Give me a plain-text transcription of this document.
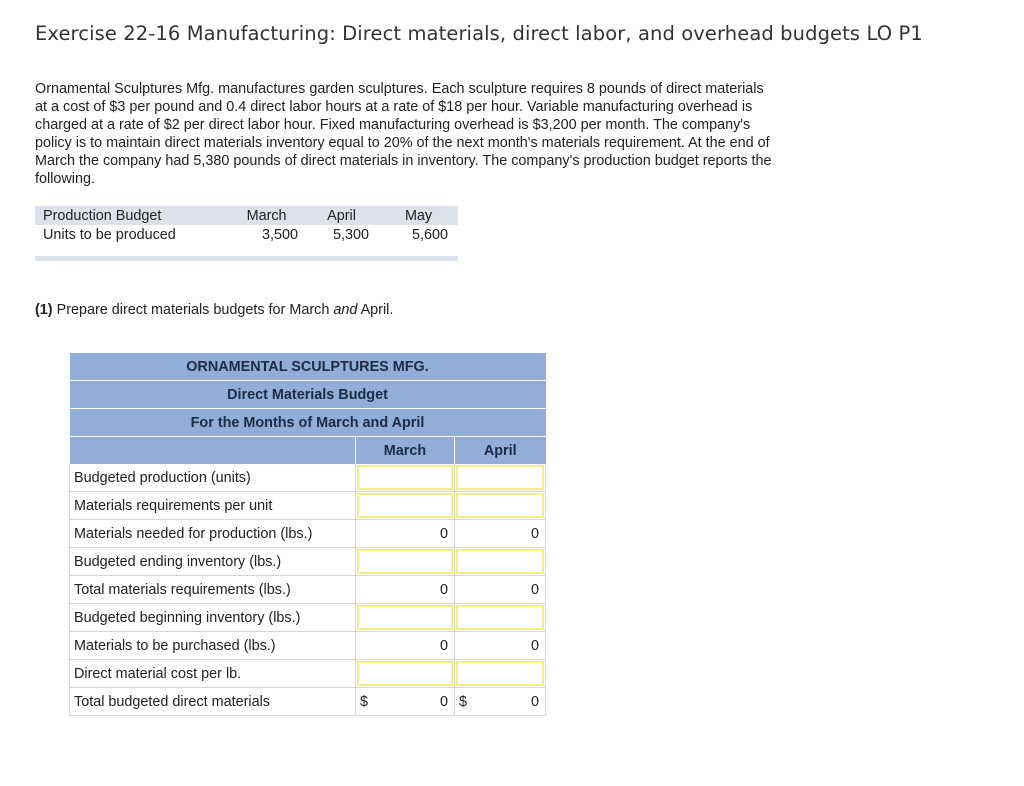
Exercise 22-16 Manufacturing: Direct materials, direct labor, and overhead budgets LO P1
Ornamental Sculptures Mfg. manufactures garden sculptures. Each sculpture requires 8 pounds of direct materials at a cost of $3 per pound and 0.4 direct labor hours at a rate of $18 per hour. Variable manufacturing overhead is charged at a rate of $2 per direct labor hour. Fixed manufacturing overhead is $3,200 per month. The company's policy is to maintain direct materials inventory equal to 20% of the next month's materials requirement. At the end of March the company had 5,380 pounds of direct materials in inventory. The company's production budget reports the following.
Production Budget	March	April	May
Units to be produced	3,500	5,300	5,600
(1) Prepare direct materials budgets for March and April.
ORNAMENTAL SCULPTURES MFG.		
Direct Materials Budget		
For the Months of March and April		
	March	April
Budgeted production (units)	

Materials requirements per unit	

Materials needed for production (lbs.)	0	0
Budgeted ending inventory (lbs.)	

Total materials requirements (lbs.)	0	0
Budgeted beginning inventory (lbs.)	

Materials to be purchased (lbs.)	0	0
Direct material cost per lb.	

Total budgeted direct materials	$ 0	$ 0
